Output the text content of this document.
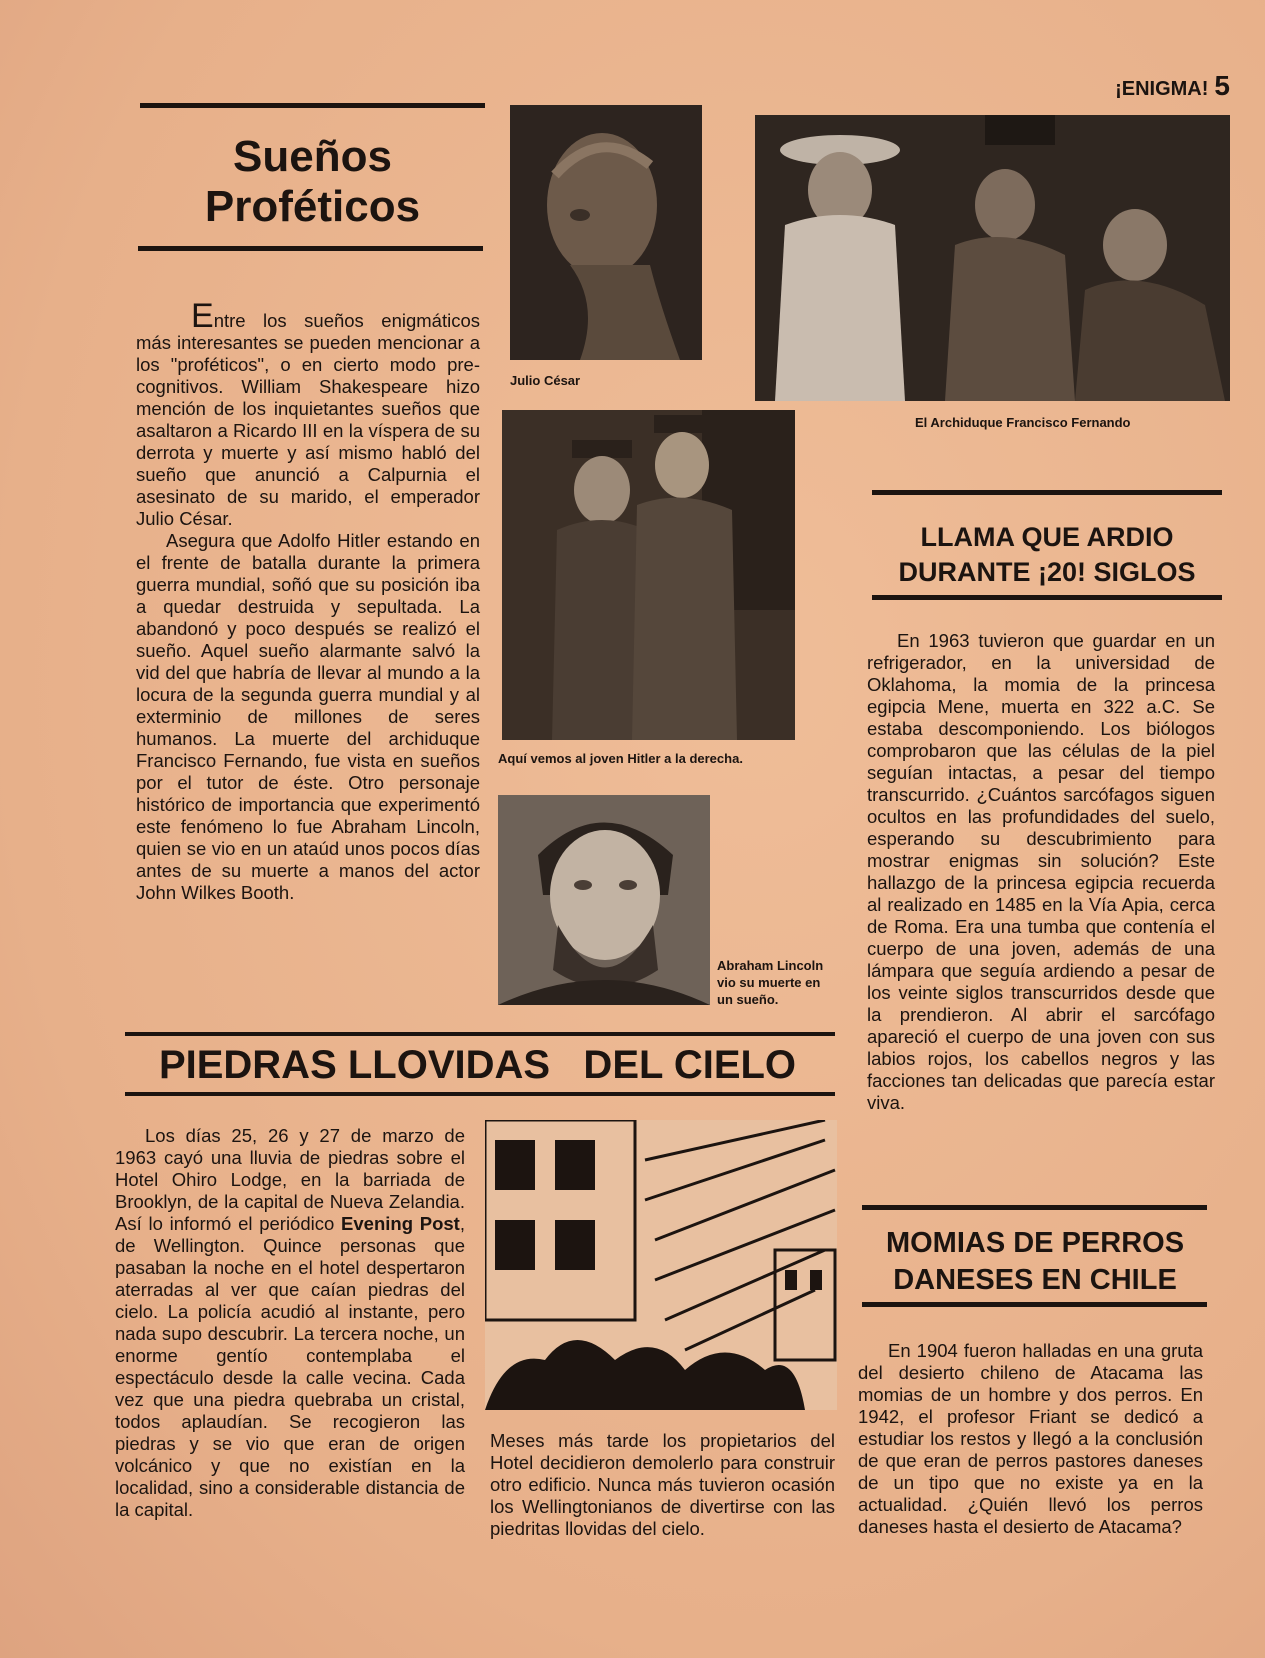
¡ENIGMA! 5
Sueños
Proféticos

Entre los sueños enigmáticos más interesantes se pueden mencionar a los "proféticos", o en cierto modo pre-cognitivos. William Shakespeare hizo mención de los inquietantes sueños que asaltaron a Ricardo III en la víspera de su derrota y muerte y así mismo habló del sueño que anunció a Calpurnia el asesinato de su marido, el emperador Julio César.

Asegura que Adolfo Hitler estando en el frente de batalla durante la primera guerra mundial, soñó que su posición iba a quedar destruida y sepultada. La abandonó y poco después se realizó el sueño. Aquel sueño alarmante salvó la vid del que habría de llevar al mundo a la locura de la segunda guerra mundial y al exterminio de millones de seres humanos. La muerte del archiduque Francisco Fernando, fue vista en sueños por el tutor de éste. Otro personaje histórico de importancia que experimentó este fenómeno lo fue Abraham Lincoln, quien se vio en un ataúd unos pocos días antes de su muerte a manos del actor John Wilkes Booth.

Julio César
El Archiduque Francisco Fernando
Aquí vemos al joven Hitler a la derecha.
Abraham Lincoln vio su muerte en un sueño.
PIEDRAS LLOVIDAS   DEL CIELO

Los días 25, 26 y 27 de marzo de 1963 cayó una lluvia de piedras sobre el Hotel Ohiro Lodge, en la barriada de Brooklyn, de la capital de Nueva Zelandia. Así lo informó el periódico Evening Post, de Wellington. Quince personas que pasaban la noche en el hotel despertaron aterradas al ver que caían piedras del cielo. La policía acudió al instante, pero nada supo descubrir. La tercera noche, un enorme gentío contemplaba el espectáculo desde la calle vecina. Cada vez que una piedra quebraba un cristal, todos aplaudían. Se recogieron las piedras y se vio que eran de origen volcánico y que no existían en la localidad, sino a considerable distancia de la capital.

Meses más tarde los propietarios del Hotel decidieron demolerlo para construir otro edificio. Nunca más tuvieron ocasión los Wellingtonianos de divertirse con las piedritas llovidas del cielo.

LLAMA QUE ARDIO
DURANTE ¡20! SIGLOS

En 1963 tuvieron que guardar en un refrigerador, en la universidad de Oklahoma, la momia de la princesa egipcia Mene, muerta en 322 a.C. Se estaba descomponiendo. Los biólogos comprobaron que las células de la piel seguían intactas, a pesar del tiempo transcurrido. ¿Cuántos sarcófagos siguen ocultos en las profundidades del suelo, esperando su descubrimiento para mostrar enigmas sin solución? Este hallazgo de la princesa egipcia recuerda al realizado en 1485 en la Vía Apia, cerca de Roma. Era una tumba que contenía el cuerpo de una joven, además de una lámpara que seguía ardiendo a pesar de los veinte siglos transcurridos desde que la prendieron. Al abrir el sarcófago apareció el cuerpo de una joven con sus labios rojos, los cabellos negros y las facciones tan delicadas que parecía estar viva.

MOMIAS DE PERROS
DANESES EN CHILE

En 1904 fueron halladas en una gruta del desierto chileno de Atacama las momias de un hombre y dos perros. En 1942, el profesor Friant se dedicó a estudiar los restos y llegó a la conclusión de que eran de perros pastores daneses de un tipo que no existe ya en la actualidad. ¿Quién llevó los perros daneses hasta el desierto de Atacama?
